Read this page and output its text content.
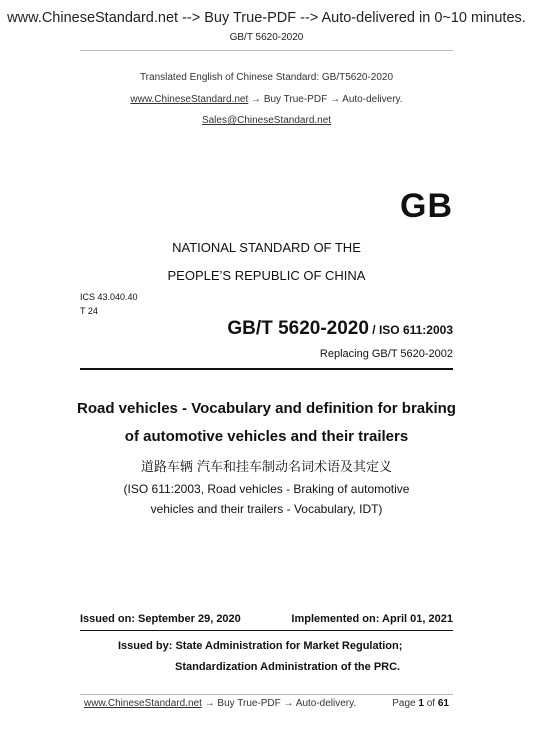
www.ChineseStandard.net --> Buy True-PDF --> Auto-delivered in 0~10 minutes.
GB/T 5620-2020
Translated English of Chinese Standard: GB/T5620-2020
www.ChineseStandard.net → Buy True-PDF → Auto-delivery.
Sales@ChineseStandard.net
GB
NATIONAL STANDARD OF THE
PEOPLE’S REPUBLIC OF CHINA
ICS 43.040.40
T 24
GB/T 5620-2020 / ISO 611:2003
Replacing GB/T 5620-2002
Road vehicles - Vocabulary and definition for braking
of automotive vehicles and their trailers
道路车辆 汽车和挂车制动名词术语及其定义
(ISO 611:2003, Road vehicles - Braking of automotive
vehicles and their trailers - Vocabulary, IDT)
Issued on: September 29, 2020	Implemented on: April 01, 2021
Issued by: State Administration for Market Regulation;
Standardization Administration of the PRC.
www.ChineseStandard.net → Buy True-PDF → Auto-delivery.	Page 1 of 61
